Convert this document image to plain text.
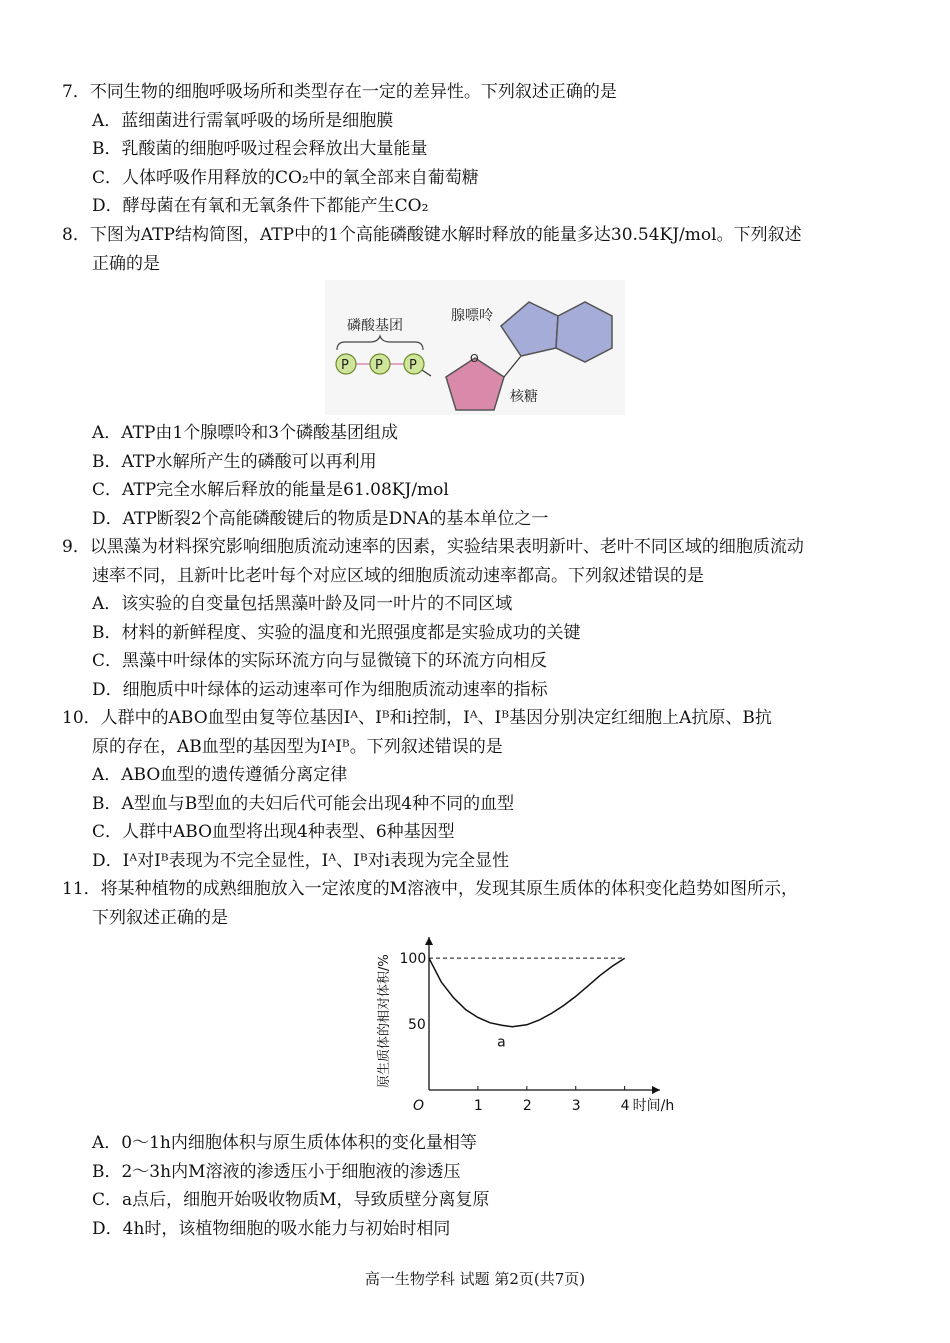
7．不同生物的细胞呼吸场所和类型存在一定的差异性。下列叙述正确的是
A．蓝细菌进行需氧呼吸的场所是细胞膜
B．乳酸菌的细胞呼吸过程会释放出大量能量
C．人体呼吸作用释放的CO₂中的氧全部来自葡萄糖
D．酵母菌在有氧和无氧条件下都能产生CO₂
8．下图为ATP结构简图，ATP中的1个高能磷酸键水解时释放的能量多达30.54KJ/mol。下列叙述
正确的是
磷酸基团
P P P	O
核糖
腺嘌呤
A．ATP由1个腺嘌呤和3个磷酸基团组成
B．ATP水解所产生的磷酸可以再利用
C．ATP完全水解后释放的能量是61.08KJ/mol
D．ATP断裂2个高能磷酸键后的物质是DNA的基本单位之一
9．以黑藻为材料探究影响细胞质流动速率的因素，实验结果表明新叶、老叶不同区域的细胞质流动
速率不同，且新叶比老叶每个对应区域的细胞质流动速率都高。下列叙述错误的是
A．该实验的自变量包括黑藻叶龄及同一叶片的不同区域
B．材料的新鲜程度、实验的温度和光照强度都是实验成功的关键
C．黑藻中叶绿体的实际环流方向与显微镜下的环流方向相反
D．细胞质中叶绿体的运动速率可作为细胞质流动速率的指标
10．人群中的ABO血型由复等位基因Iᴬ、Iᴮ和i控制，Iᴬ、Iᴮ基因分别决定红细胞上A抗原、B抗
原的存在，AB血型的基因型为IᴬIᴮ。下列叙述错误的是
A．ABO血型的遗传遵循分离定律
B．A型血与B型血的夫妇后代可能会出现4种不同的血型
C．人群中ABO血型将出现4种表型、6种基因型
D．Iᴬ对Iᴮ表现为不完全显性，Iᴬ、Iᴮ对i表现为完全显性
11．将某种植物的成熟细胞放入一定浓度的M溶液中，发现其原生质体的体积变化趋势如图所示，
下列叙述正确的是
1	2	3	4
50
100
O	时间/h
原生质体的相对体积/%	a
A．0～1h内细胞体积与原生质体体积的变化量相等
B．2～3h内M溶液的渗透压小于细胞液的渗透压
C．a点后，细胞开始吸收物质M，导致质壁分离复原
D．4h时，该植物细胞的吸水能力与初始时相同
高一生物学科 试题 第2页(共7页)
